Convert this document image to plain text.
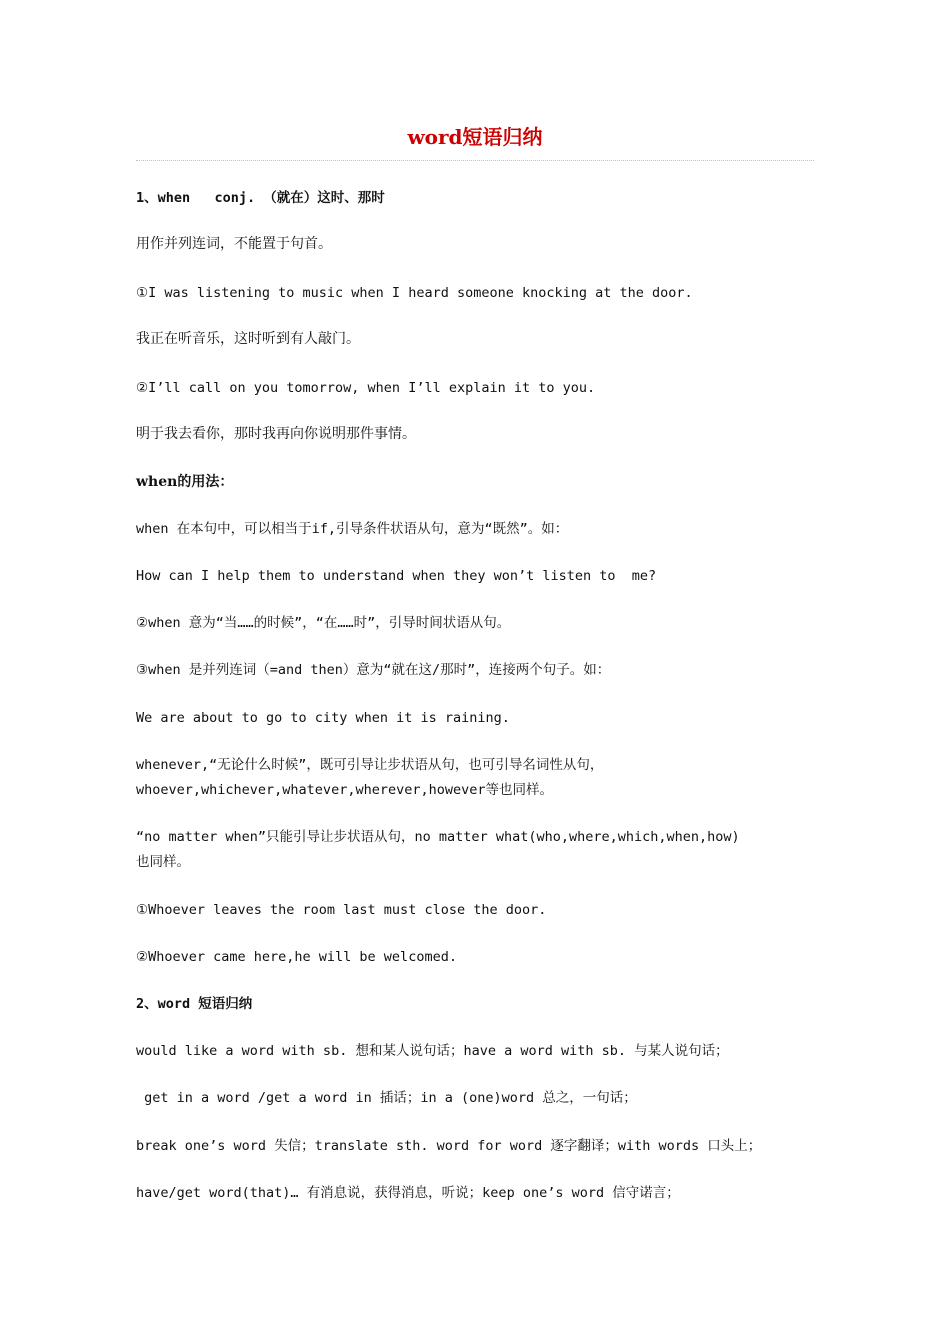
word短语归纳
1、when   conj. （就在）这时、那时
用作并列连词，不能置于句首。
①I was listening to music when I heard someone knocking at the door.
我正在听音乐，这时听到有人敲门。
②I’ll call on you tomorrow, when I’ll explain it to you.
明于我去看你，那时我再向你说明那件事情。
when的用法：
when 在本句中，可以相当于if,引导条件状语从句，意为“既然”。如：
How can I help them to understand when they won’t listen to  me?
②when 意为“当……的时候”，“在……时”，引导时间状语从句。
③when 是并列连词（=and then）意为“就在这/那时”，连接两个句子。如：
We are about to go to city when it is raining.
whenever,“无论什么时候”，既可引导让步状语从句，也可引导名词性从句，
whoever,whichever,whatever,wherever,however等也同样。
“no matter when”只能引导让步状语从句，no matter what(who,where,which,when,how)
也同样。
①Whoever leaves the room last must close the door.
②Whoever came here,he will be welcomed.
2、word 短语归纳
would like a word with sb. 想和某人说句话；have a word with sb. 与某人说句话；
get in a word /get a word in 插话；in a (one)word 总之，一句话；
break one’s word 失信；translate sth. word for word 逐字翻译；with words 口头上；
have/get word(that)… 有消息说，获得消息，听说；keep one’s word 信守诺言；
